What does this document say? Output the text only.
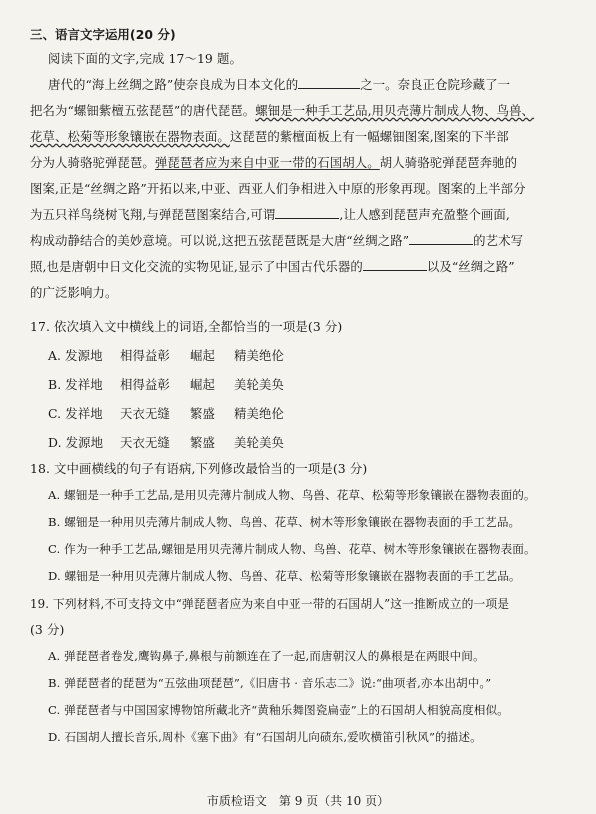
三、语言文字运用(20 分)
阅读下面的文字,完成 17～19 题。
唐代的“海上丝绸之路”使奈良成为日本文化的	之一。奈良正仓院珍藏了一
把名为“螺钿紫檀五弦琵琶”的唐代琵琶。螺钿是一种手工艺品,用贝壳薄片制成人物、鸟兽、
花草、松菊等形象镶嵌在器物表面。这琵琶的紫檀面板上有一幅螺钿图案,图案的下半部
分为人骑骆驼弹琵琶。弹琵琶者应为来自中亚一带的石国胡人。胡人骑骆驼弹琵琶奔驰的
图案,正是“丝绸之路”开拓以来,中亚、西亚人们争相进入中原的形象再现。图案的上半部分
为五只祥鸟绕树飞翔,与弹琵琶图案结合,可谓	,让人感到琵琶声充盈整个画面,
构成动静结合的美妙意境。可以说,这把五弦琵琶既是大唐“丝绸之路”	的艺术写
照,也是唐朝中日文化交流的实物见证,显示了中国古代乐器的	以及“丝绸之路”
的广泛影响力。
17. 依次填入文中横线上的词语,全都恰当的一项是(3 分)
A. 发源地 相得益彰 崛起 精美绝伦
B. 发祥地 相得益彰 崛起 美轮美奂
C. 发祥地 天衣无缝 繁盛 精美绝伦
D. 发源地 天衣无缝 繁盛 美轮美奂
18. 文中画横线的句子有语病,下列修改最恰当的一项是(3 分)
A. 螺钿是一种手工艺品,是用贝壳薄片制成人物、鸟兽、花草、松菊等形象镶嵌在器物表面的。
B. 螺钿是一种用贝壳薄片制成人物、鸟兽、花草、树木等形象镶嵌在器物表面的手工艺品。
C. 作为一种手工艺品,螺钿是用贝壳薄片制成人物、鸟兽、花草、树木等形象镶嵌在器物表面。
D. 螺钿是一种用贝壳薄片制成人物、鸟兽、花草、松菊等形象镶嵌在器物表面的手工艺品。
19. 下列材料,不可支持文中“弹琵琶者应为来自中亚一带的石国胡人”这一推断成立的一项是
(3 分)
A. 弹琵琶者卷发,鹰钩鼻子,鼻根与前额连在了一起,而唐朝汉人的鼻根是在两眼中间。
B. 弹琵琶者的琵琶为“五弦曲项琵琶”,《旧唐书 · 音乐志二》说:“曲项者,亦本出胡中。”
C. 弹琵琶者与中国国家博物馆所藏北齐“黄釉乐舞图瓷扁壶”上的石国胡人相貌高度相似。
D. 石国胡人擅长音乐,周朴《塞下曲》有“石国胡儿向碛东,爱吹横笛引秋风”的描述。
市质检语文　第 9 页（共 10 页）
